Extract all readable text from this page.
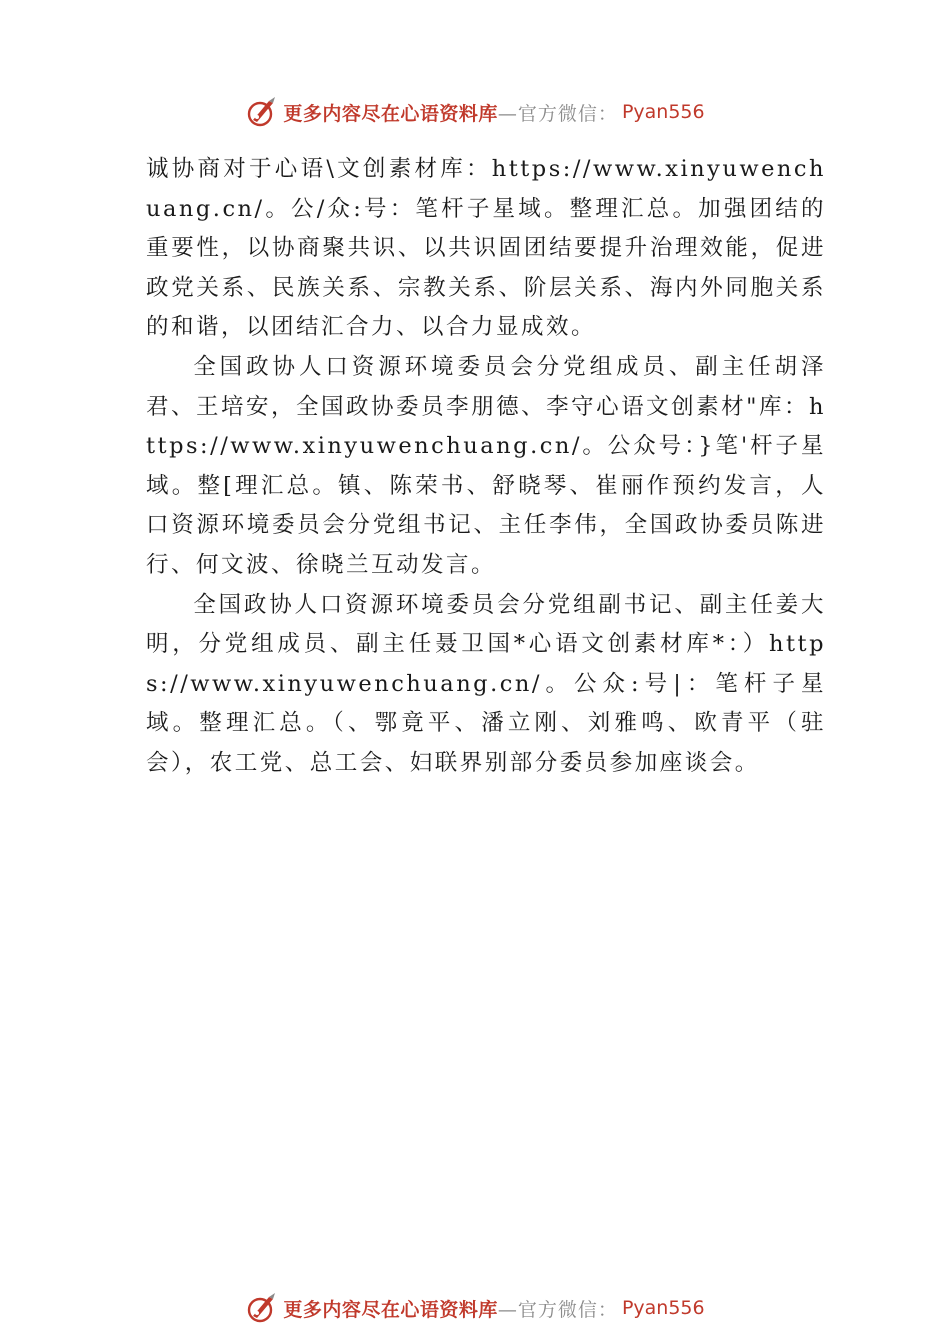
更多内容尽在心语资料库 —官方微信： Pyan556

诚协商对于心语\文创素材库：https://www.xinyuwenchuang.cn/。公/众:号：笔杆子星域。整理汇总。加强团结的重要性，以协商聚共识、以共识固团结要提升治理效能，促进政党关系、民族关系、宗教关系、阶层关系、海内外同胞关系的和谐，以团结汇合力、以合力显成效。

全国政协人口资源环境委员会分党组成员、副主任胡泽君、王培安，全国政协委员李朋德、李守心语文创素材"库：https://www.xinyuwenchuang.cn/。公众号：}笔'杆子星域。整[理汇总。镇、陈荣书、舒晓琴、崔丽作预约发言，人口资源环境委员会分党组书记、主任李伟，全国政协委员陈进行、何文波、徐晓兰互动发言。

全国政协人口资源环境委员会分党组副书记、副主任姜大明，分党组成员、副主任聂卫国*心语文创素材库*：）https://www.xinyuwenchuang.cn/。公众:号|：笔杆子星域。整理汇总。（、鄂竟平、潘立刚、刘雅鸣、欧青平（驻会），农工党、总工会、妇联界别部分委员参加座谈会。

更多内容尽在心语资料库 —官方微信： Pyan556
